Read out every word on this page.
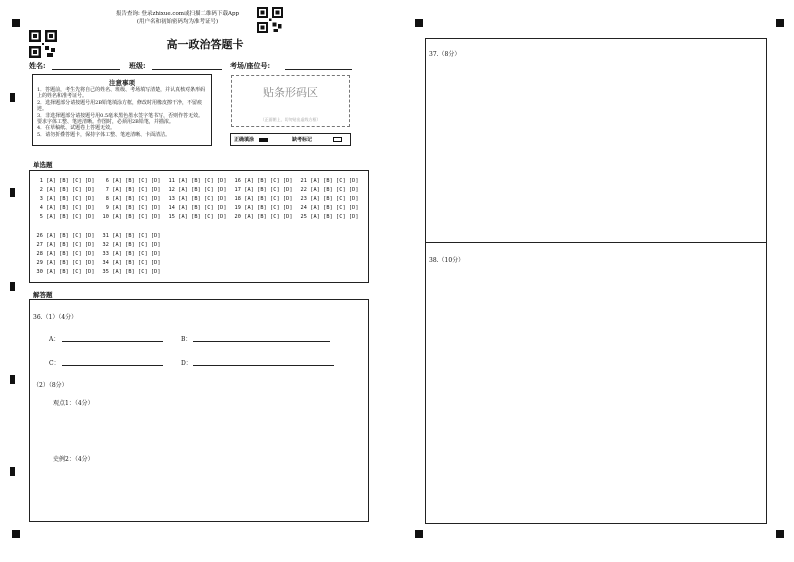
报告查询: 登录zhixue.com或扫描二维码下载App
(用户名和初始密码均为准考证号)
高一政治答题卡
姓名:	班级:	考场/座位号:
注意事项

1．答题前，考生先将自己的姓名、班级、考场填写清楚，并认真核对条形码上的姓名和准考证号。

2．选择题部分请按题号用2B铅笔填涂方框，修改时用橡皮擦干净，不留痕迹。

3．非选择题部分请按题号用0.5毫米黑色墨水签字笔书写，否则作答无效。要求字体工整、笔迹清晰。作图时，必须用2B铅笔，并描浓。

4．在草稿纸、试题卷上答题无效。

5．请勿折叠答题卡，保持字体工整、笔迹清晰、卡面清洁。

贴条形码区
（正面朝上，切勿贴出虚线方框）
正确填涂	缺考标记
单选题
1 [A] [B] [C] [D]
2 [A] [B] [C] [D]
3 [A] [B] [C] [D]
4 [A] [B] [C] [D]
5 [A] [B] [C] [D]
6 [A] [B] [C] [D]
7 [A] [B] [C] [D]
8 [A] [B] [C] [D]
9 [A] [B] [C] [D]
10 [A] [B] [C] [D]
11 [A] [B] [C] [D]
12 [A] [B] [C] [D]
13 [A] [B] [C] [D]
14 [A] [B] [C] [D]
15 [A] [B] [C] [D]
16 [A] [B] [C] [D]
17 [A] [B] [C] [D]
18 [A] [B] [C] [D]
19 [A] [B] [C] [D]
20 [A] [B] [C] [D]
21 [A] [B] [C] [D]
22 [A] [B] [C] [D]
23 [A] [B] [C] [D]
24 [A] [B] [C] [D]
25 [A] [B] [C] [D]
26 [A] [B] [C] [D]
27 [A] [B] [C] [D]
28 [A] [B] [C] [D]
29 [A] [B] [C] [D]
30 [A] [B] [C] [D]
31 [A] [B] [C] [D]
32 [A] [B] [C] [D]
33 [A] [B] [C] [D]
34 [A] [B] [C] [D]
35 [A] [B] [C] [D]
解答题
36.（1）（4分）
A：	B：
C：	D：
（2）（8分）
观点1：（4分）
史例2：（4分）
37.（8分）
38.（10分）
